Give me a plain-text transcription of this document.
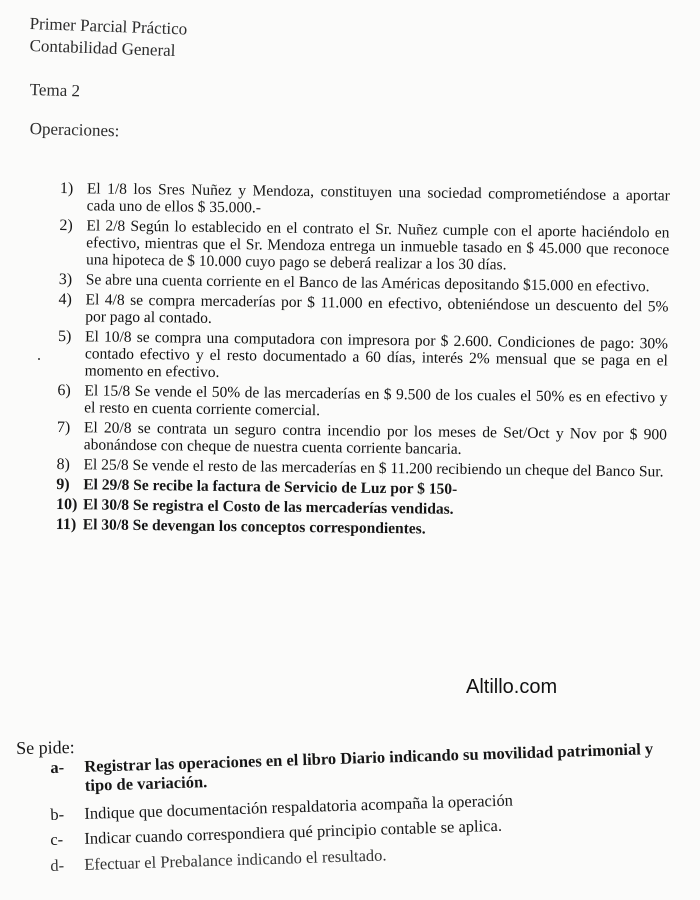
Primer Parcial Práctico
Contabilidad General
Tema 2
Operaciones:
1) El 1/8 los Sres Nuñez y Mendoza, constituyen una sociedad comprometiéndose a aportar cada uno de ellos $ 35.000.-
2) El 2/8 Según lo establecido en el contrato el Sr. Nuñez cumple con el aporte haciéndolo en efectivo, mientras que el Sr. Mendoza entrega un inmueble tasado en $ 45.000 que reconoce una hipoteca de $ 10.000 cuyo pago se deberá realizar a los 30 días.
3) Se abre una cuenta corriente en el Banco de las Américas depositando $15.000 en efectivo.
4) El 4/8 se compra mercaderías por $ 11.000 en efectivo, obteniéndose un descuento del 5% por pago al contado.
5) El 10/8 se compra una computadora con impresora por $ 2.600. Condiciones de pago: 30% contado efectivo y el resto documentado a 60 días, interés 2% mensual que se paga en el momento en efectivo.
6) El 15/8 Se vende el 50% de las mercaderías en $ 9.500 de los cuales el 50% es en efectivo y el resto en cuenta corriente comercial.
7) El 20/8 se contrata un seguro contra incendio por los meses de Set/Oct y Nov por $ 900 abonándose con cheque de nuestra cuenta corriente bancaria.
8) El 25/8 Se vende el resto de las mercaderías en $ 11.200 recibiendo un cheque del Banco Sur.
9) El 29/8 Se recibe la factura de Servicio de Luz por $ 150-
10) El 30/8 Se registra el Costo de las mercaderías vendidas.
11) El 30/8 Se devengan los conceptos correspondientes.
Altillo.com
Se pide:
a- Registrar las operaciones en el libro Diario indicando su movilidad patrimonial y
tipo de variación.
b- Indique que documentación respaldatoria acompaña la operación
c- Indicar cuando correspondiera qué principio contable se aplica.
d- Efectuar el Prebalance indicando el resultado.
